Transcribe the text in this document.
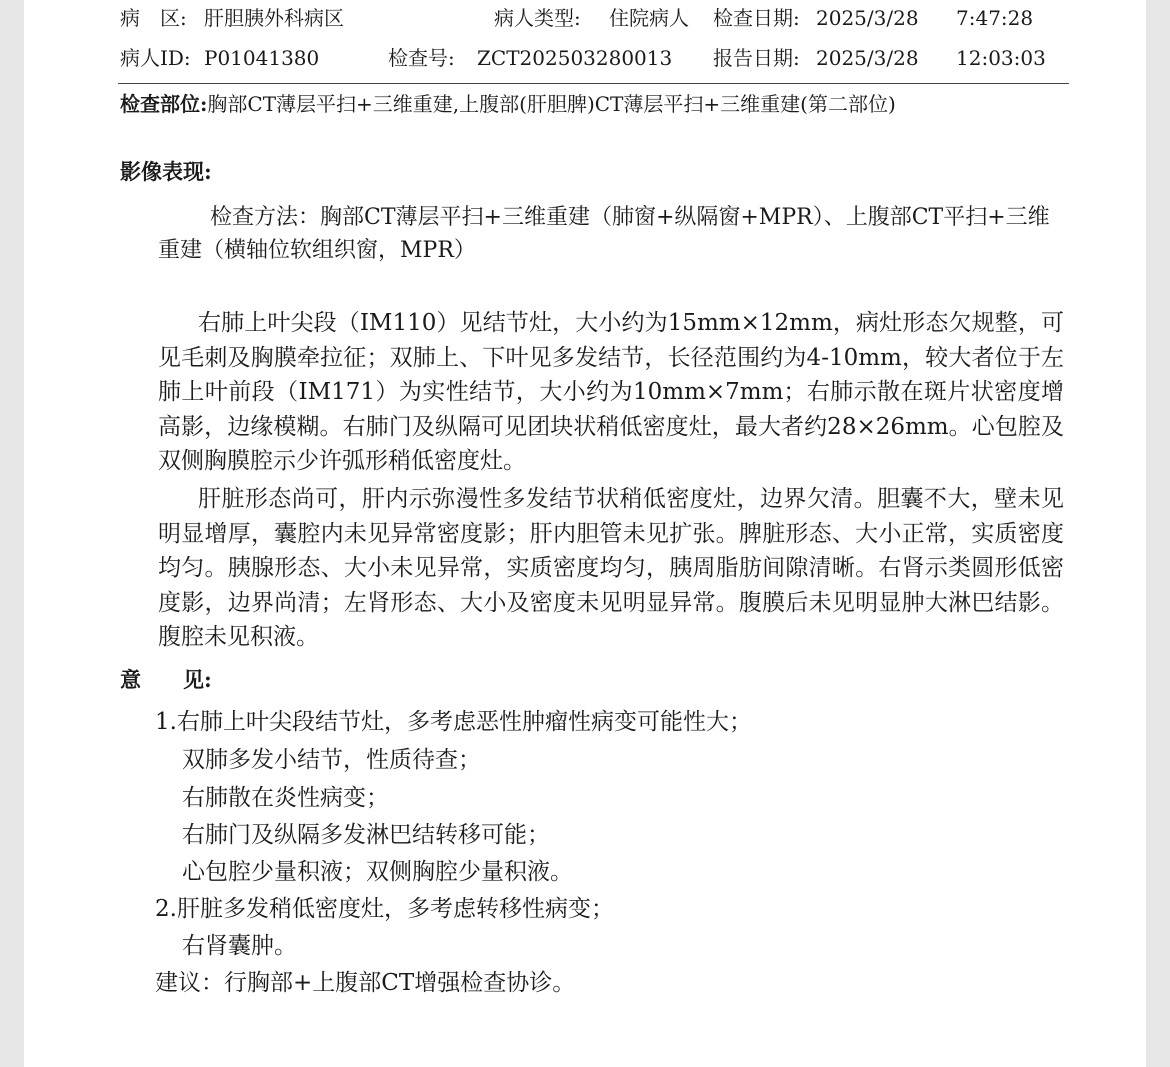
病　区: 肝胆胰外科病区	病人类型: 住院病人 检查日期: 2025/3/28 7:47:28
病人ID: P01041380	检查号: ZCT202503280013 报告日期: 2025/3/28 12:03:03
检查部位:胸部CT薄层平扫+三维重建,上腹部(肝胆脾)CT薄层平扫+三维重建(第二部位)
影像表现:
检查方法：胸部CT薄层平扫+三维重建（肺窗+纵隔窗+MPR）、上腹部CT平扫+三维重建（横轴位软组织窗，MPR）
右肺上叶尖段（IM110）见结节灶，大小约为15mm×12mm，病灶形态欠规整，可见毛刺及胸膜牵拉征；双肺上、下叶见多发结节，长径范围约为4-10mm，较大者位于左肺上叶前段（IM171）为实性结节，大小约为10mm×7mm；右肺示散在斑片状密度增高影，边缘模糊。右肺门及纵隔可见团块状稍低密度灶，最大者约28×26mm。心包腔及双侧胸膜腔示少许弧形稍低密度灶。
肝脏形态尚可，肝内示弥漫性多发结节状稍低密度灶，边界欠清。胆囊不大，壁未见明显增厚，囊腔内未见异常密度影；肝内胆管未见扩张。脾脏形态、大小正常，实质密度均匀。胰腺形态、大小未见异常，实质密度均匀，胰周脂肪间隙清晰。右肾示类圆形低密度影，边界尚清；左肾形态、大小及密度未见明显异常。腹膜后未见明显肿大淋巴结影。腹腔未见积液。
意　　见:
1.右肺上叶尖段结节灶，多考虑恶性肿瘤性病变可能性大；
双肺多发小结节，性质待查；
右肺散在炎性病变；
右肺门及纵隔多发淋巴结转移可能；
心包腔少量积液；双侧胸腔少量积液。
2.肝脏多发稍低密度灶，多考虑转移性病变；
右肾囊肿。
建议：行胸部+上腹部CT增强检查协诊。
